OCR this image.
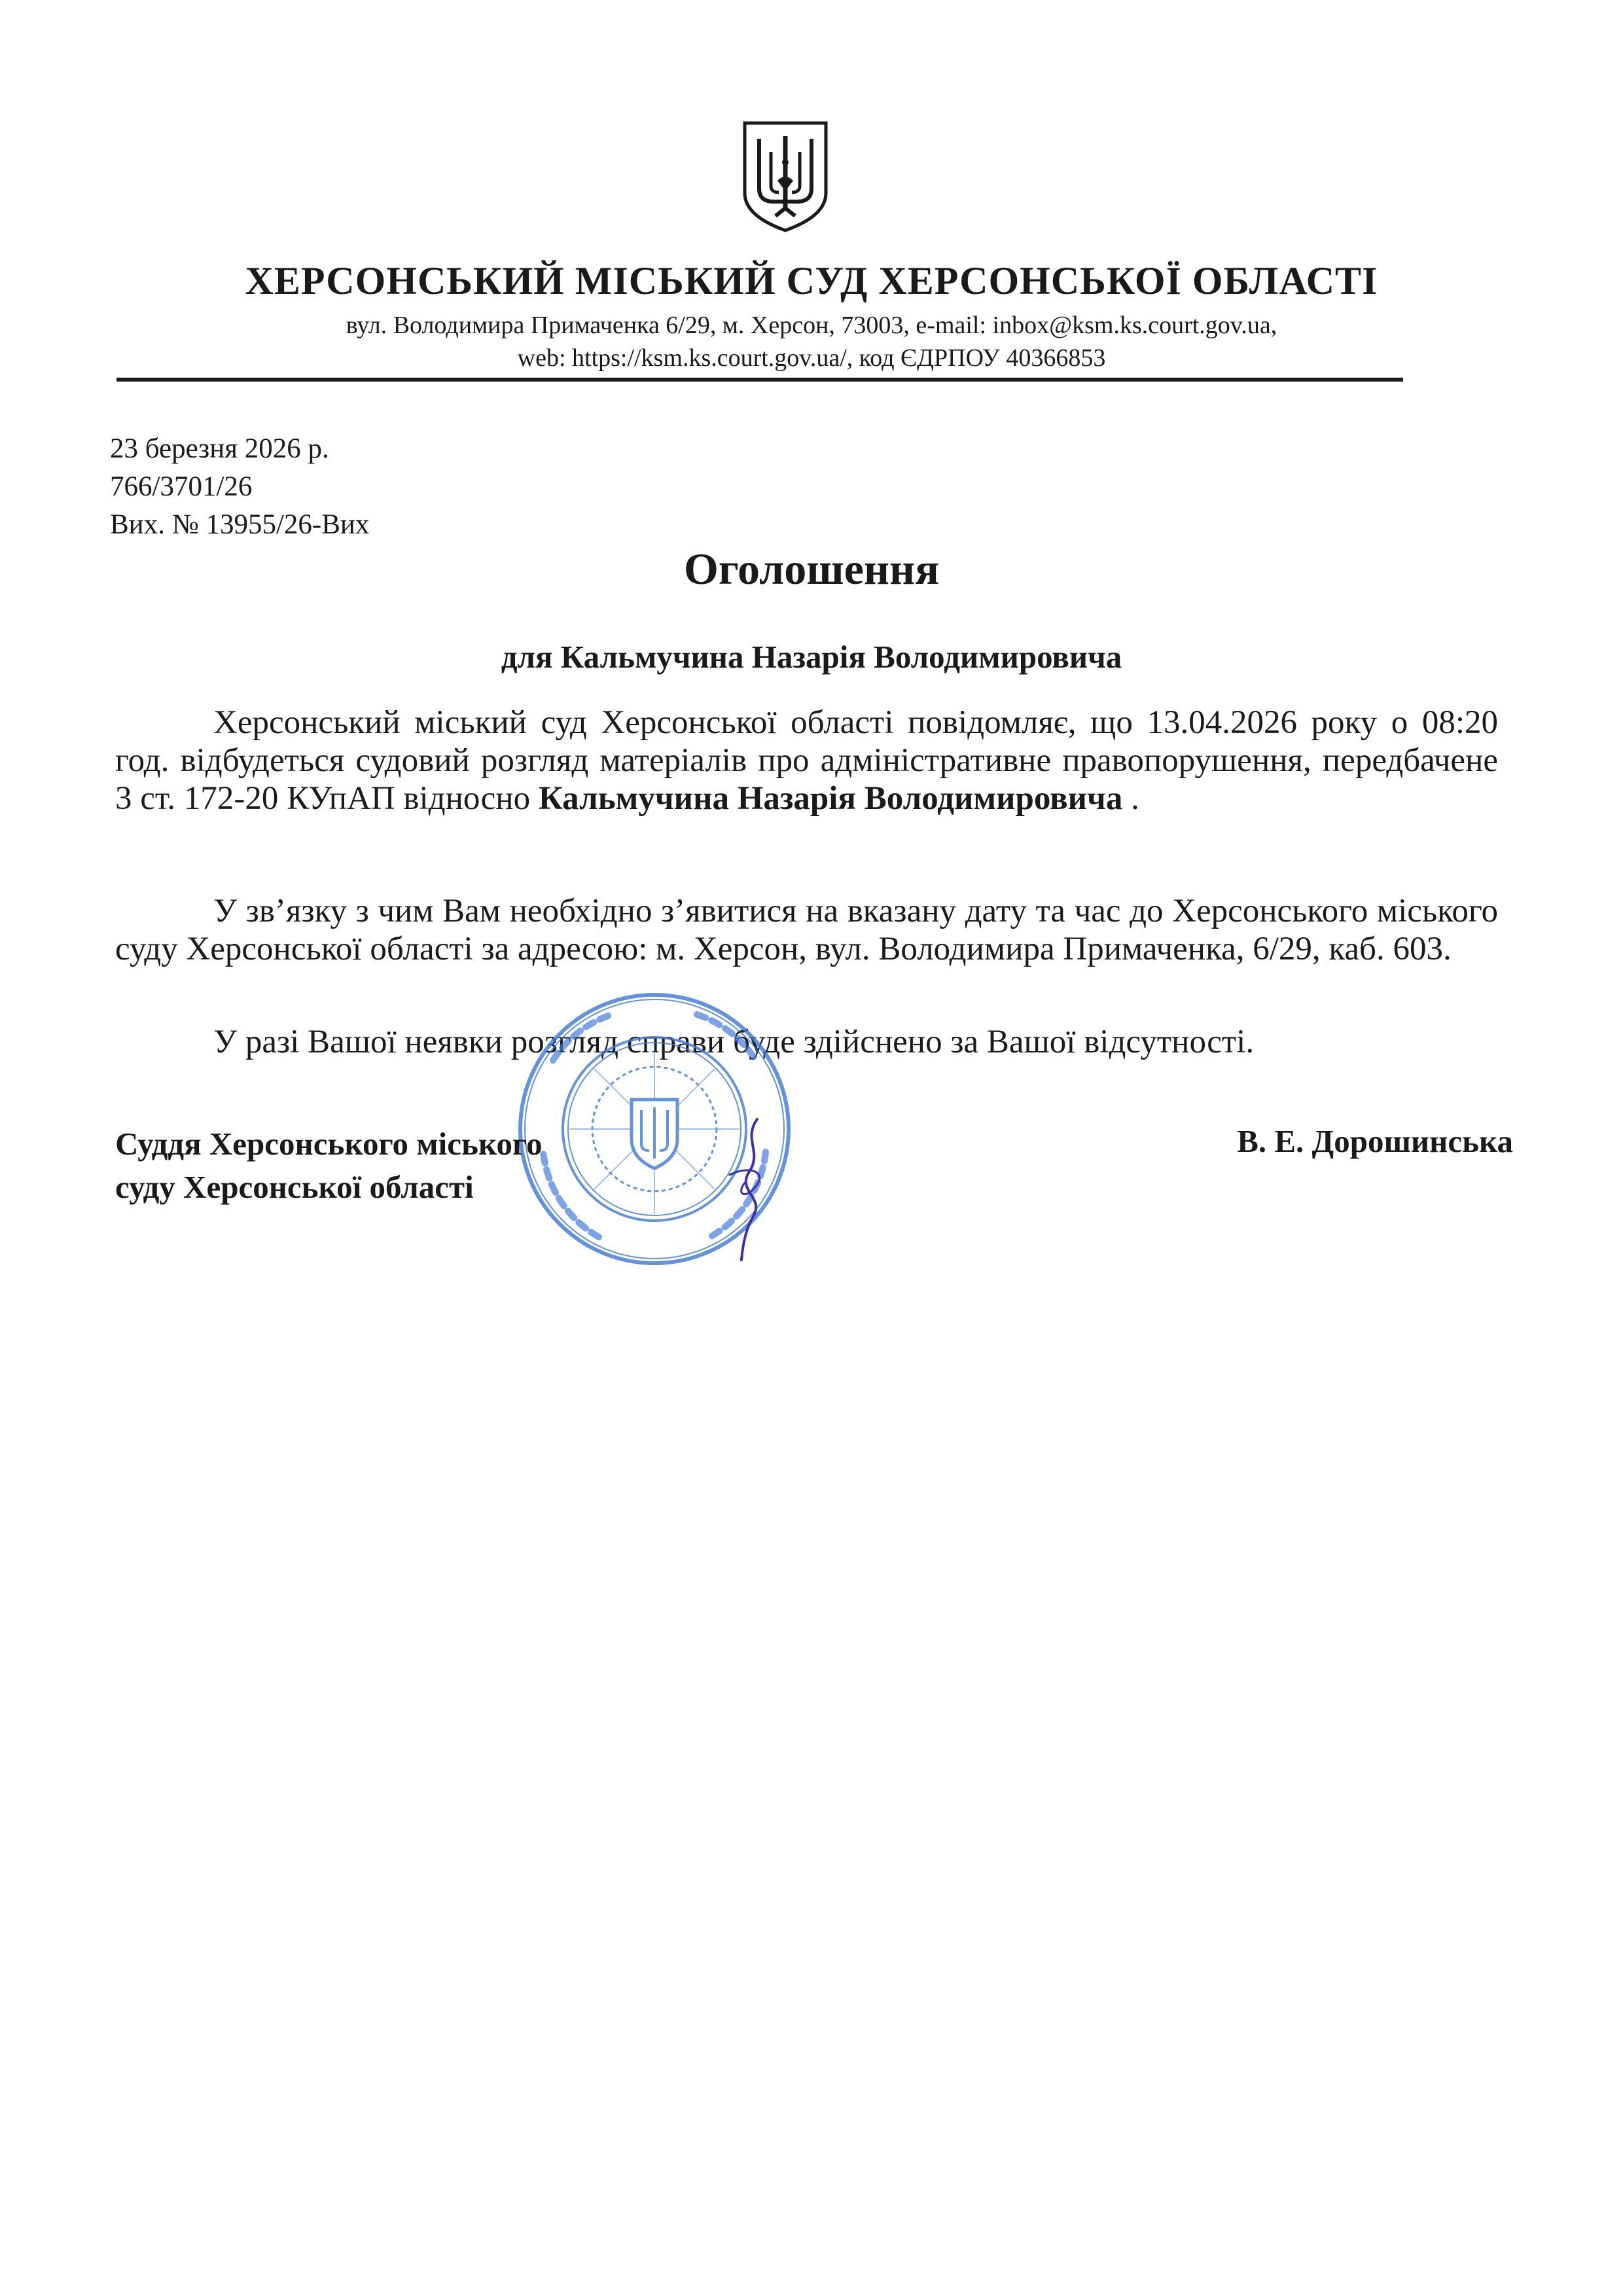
ХЕРСОНСЬКИЙ МІСЬКИЙ СУД ХЕРСОНСЬКОЇ ОБЛАСТІ
вул. Володимира Примаченка 6/29, м. Херсон, 73003, e-mail: inbox@ksm.ks.court.gov.ua,
web: https://ksm.ks.court.gov.ua/, код ЄДРПОУ 40366853
23 березня 2026 р.
766/3701/26
Вих. № 13955/26-Вих
Оголошення
для Кальмучина Назарія Володимировича

Херсонський міський суд Херсонської області повідомляє, що 13.04.2026 року о 08:20 год. відбудеться судовий розгляд матеріалів про адміністративне правопорушення, передбачене 3 ст. 172-20 КУпАП відносно Кальмучина Назарія Володимировича .

У зв’язку з чим Вам необхідно з’явитися на вказану дату та час до Херсонського міського суду Херсонської області за адресою: м. Херсон, вул. Володимира Примаченка, 6/29, каб. 603.

У разі Вашої неявки розгляд справи буде здійснено за Вашої відсутності.

Суддя Херсонського міського
суду Херсонської області
В. Е. Дорошинська
